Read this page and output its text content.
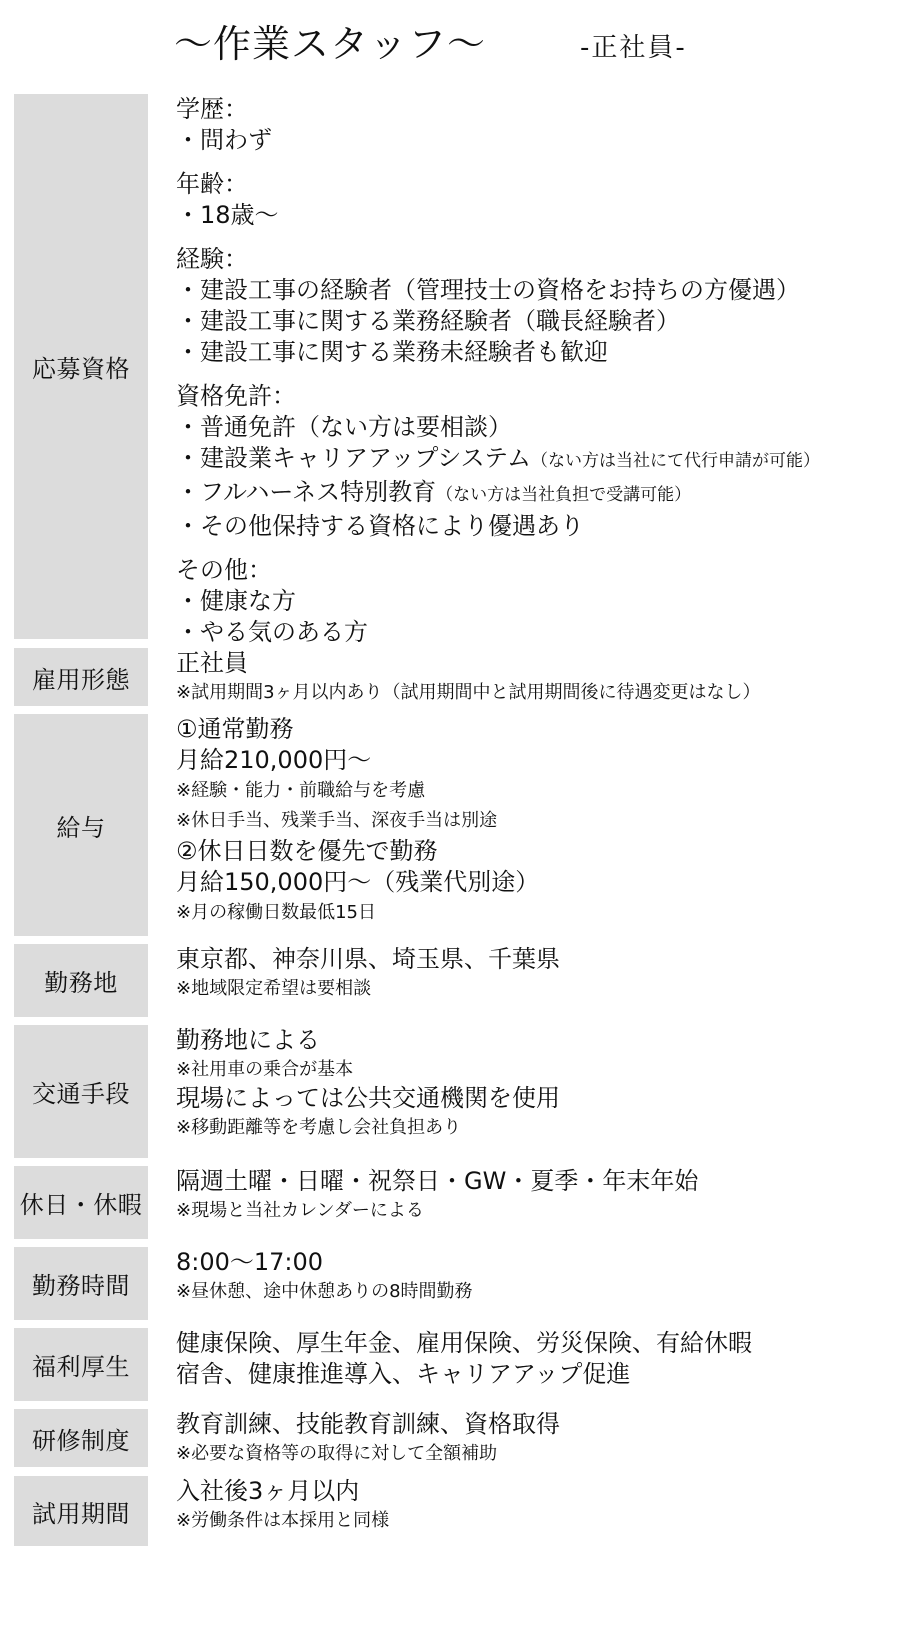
～作業スタッフ～	-正社員-
応募資格
学歴：
・問わず
年齢：
・18歳～
経験：
・建設工事の経験者（管理技士の資格をお持ちの方優遇）
・建設工事に関する業務経験者（職長経験者）
・建設工事に関する業務未経験者も歓迎
資格免許：
・普通免許（ない方は要相談）
・建設業キャリアアップシステム（ない方は当社にて代行申請が可能）
・フルハーネス特別教育（ない方は当社負担で受講可能）
・その他保持する資格により優遇あり
その他：
・健康な方
・やる気のある方
雇用形態
正社員
※試用期間3ヶ月以内あり（試用期間中と試用期間後に待遇変更はなし）
給与
①通常勤務
月給210,000円～
※経験・能力・前職給与を考慮
※休日手当、残業手当、深夜手当は別途
②休日日数を優先で勤務
月給150,000円～（残業代別途）
※月の稼働日数最低15日
勤務地
東京都、神奈川県、埼玉県、千葉県
※地域限定希望は要相談
交通手段
勤務地による
※社用車の乗合が基本
現場によっては公共交通機関を使用
※移動距離等を考慮し会社負担あり
休日・休暇
隔週土曜・日曜・祝祭日・GW・夏季・年末年始
※現場と当社カレンダーによる
勤務時間
8:00～17:00
※昼休憩、途中休憩ありの8時間勤務
福利厚生
健康保険、厚生年金、雇用保険、労災保険、有給休暇
宿舎、健康推進導入、キャリアアップ促進
研修制度
教育訓練、技能教育訓練、資格取得
※必要な資格等の取得に対して全額補助
試用期間
入社後3ヶ月以内
※労働条件は本採用と同様
